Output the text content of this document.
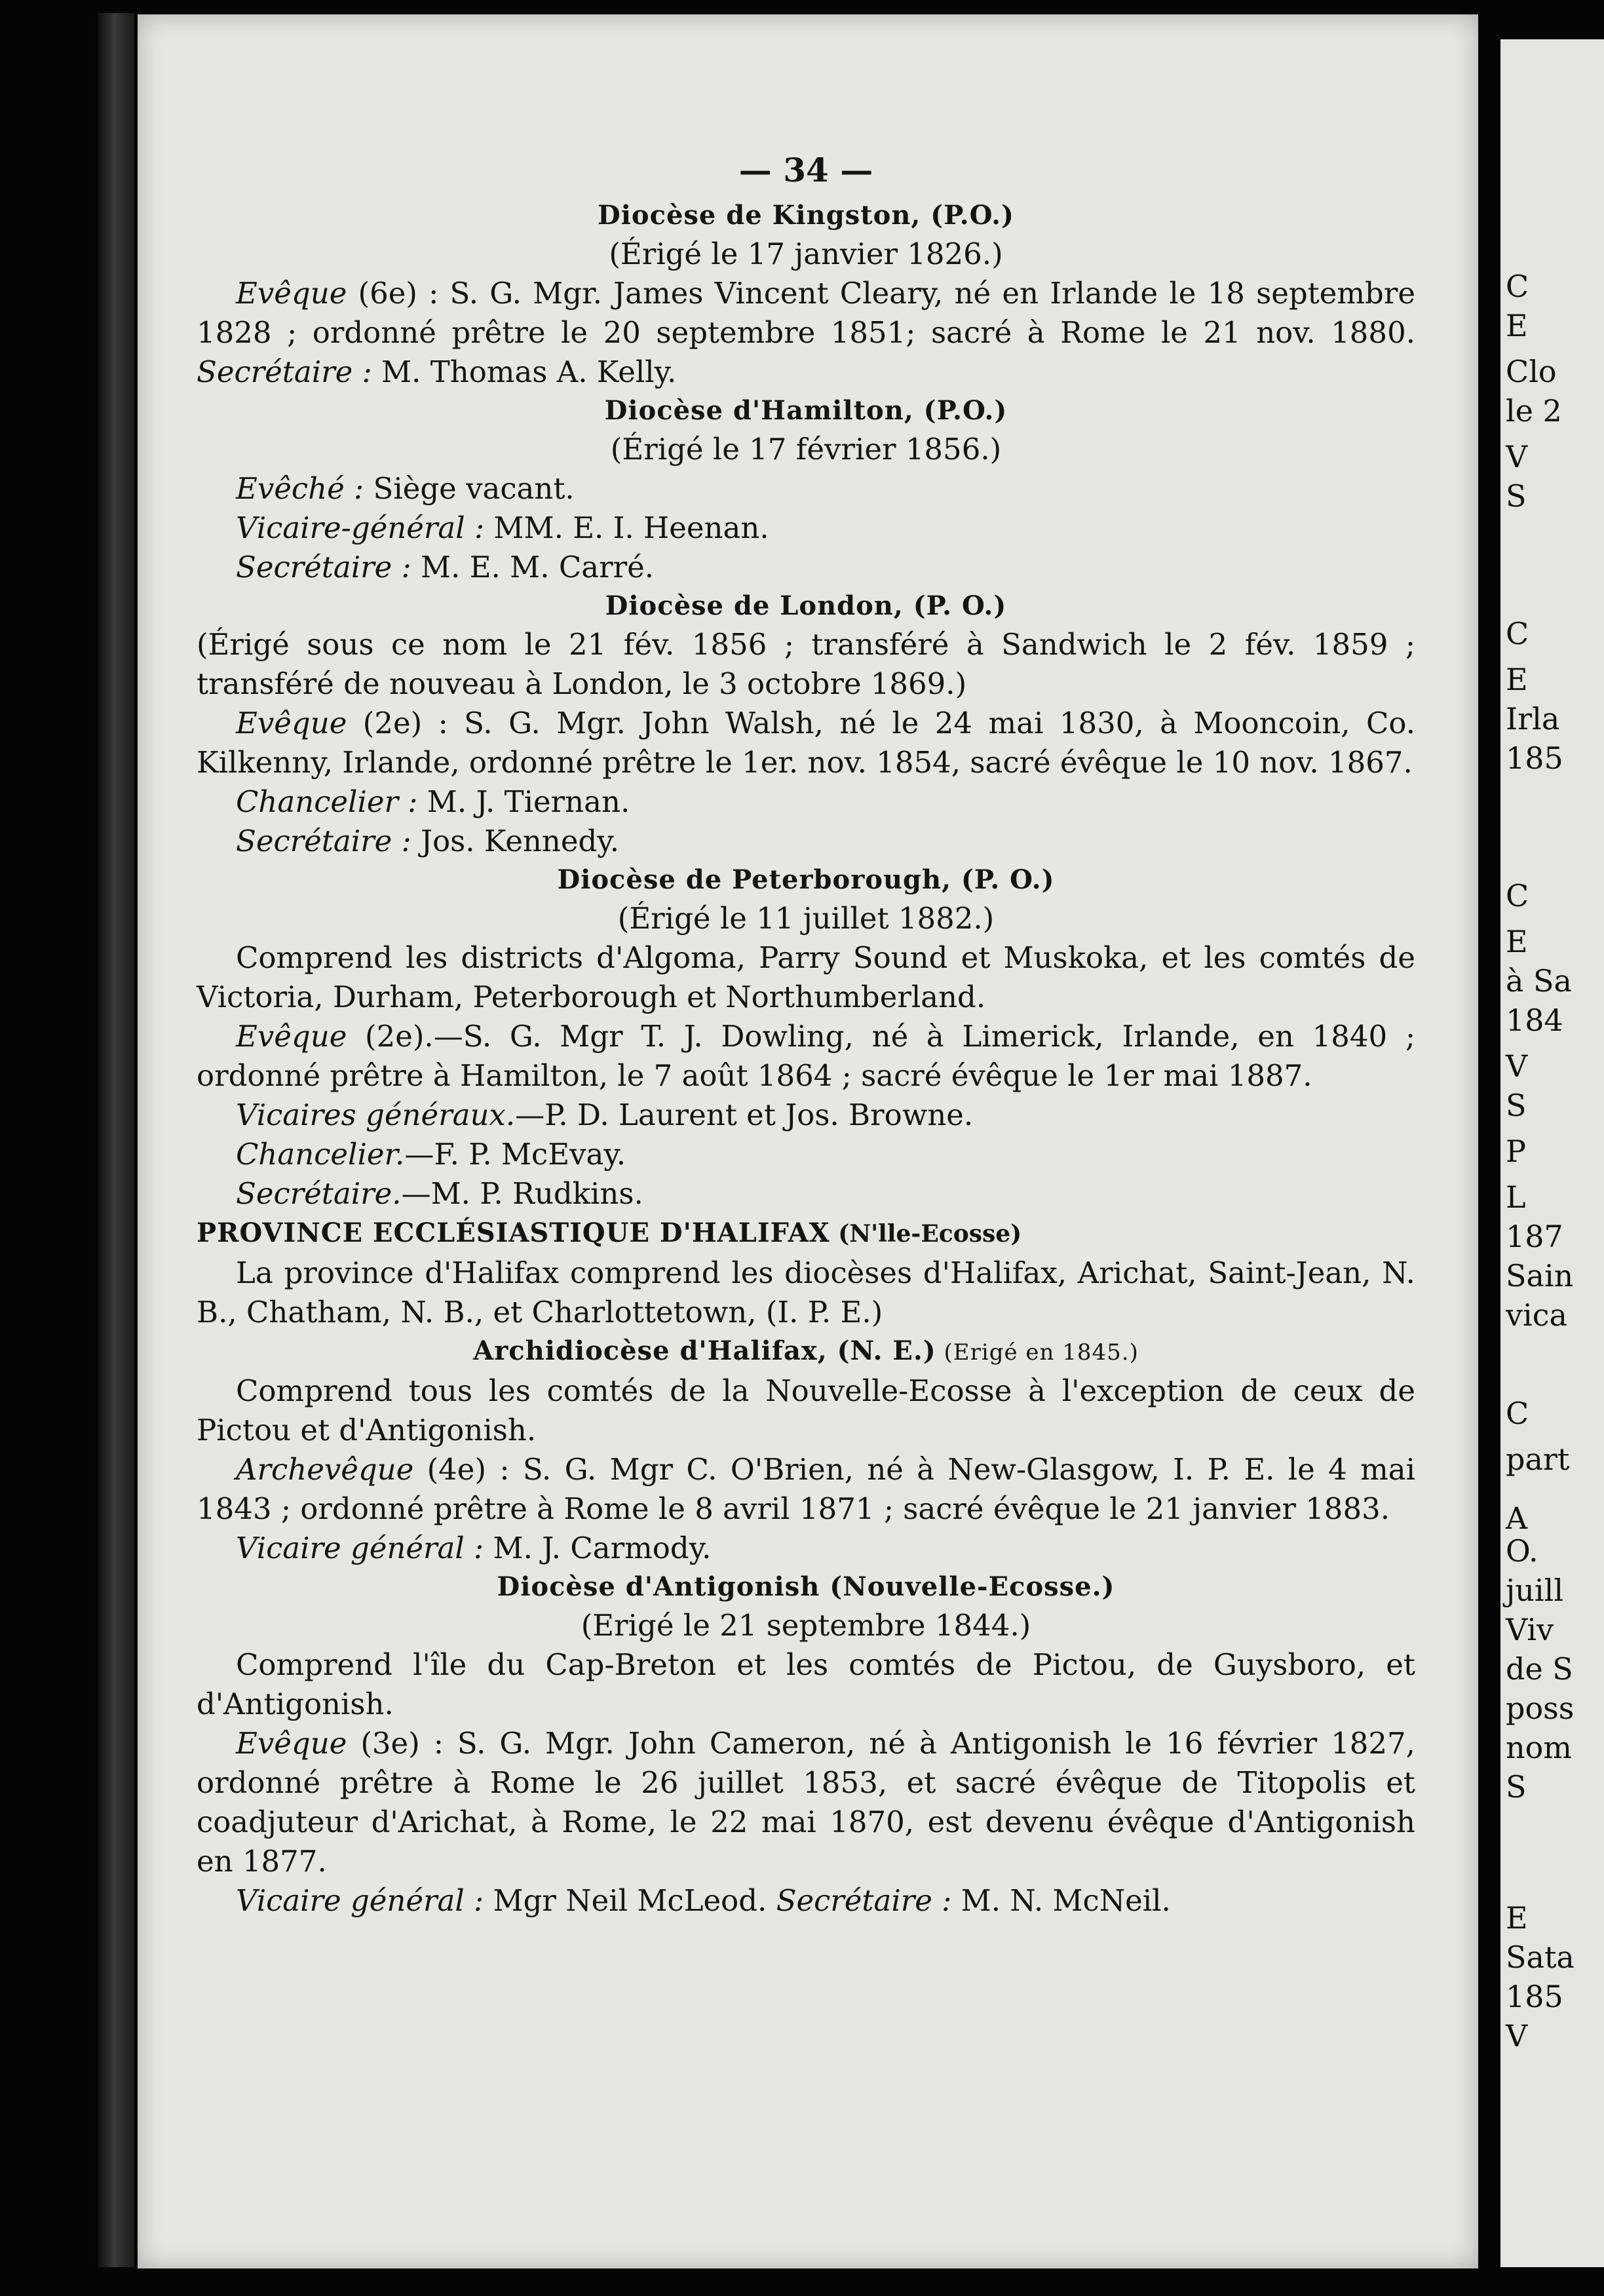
C
E
Clo
le 2
V
S
C
E
Irla
185
C
E
à Sa
184
V
S
P
L
187
Sain
vica
C
part
A
O.
juill
Viv
de S
poss
nom
S
E
Sata
185
V
— 34 —
Diocèse de Kingston, (P.O.)
(Érigé le 17 janvier 1826.)

Evêque (6e) : S. G. Mgr. James Vincent Cleary, né en Irlande le 18 septembre 1828 ; ordonné prêtre le 20 septembre 1851; sacré à Rome le 21 nov. 1880. Secrétaire : M. Thomas A. Kelly.

Diocèse d'Hamilton, (P.O.)
(Érigé le 17 février 1856.)

Evêché : Siège vacant.

Vicaire-général : MM. E. I. Heenan.

Secrétaire : M. E. M. Carré.

Diocèse de London, (P. O.)

(Érigé sous ce nom le 21 fév. 1856 ; transféré à Sandwich le 2 fév. 1859 ; transféré de nouveau à London, le 3 octobre 1869.)

Evêque (2e) : S. G. Mgr. John Walsh, né le 24 mai 1830, à Mooncoin, Co. Kilkenny, Irlande, ordonné prêtre le 1er. nov. 1854, sacré évêque le 10 nov. 1867.

Chancelier : M. J. Tiernan.

Secrétaire : Jos. Kennedy.

Diocèse de Peterborough, (P. O.)
(Érigé le 11 juillet 1882.)

Comprend les districts d'Algoma, Parry Sound et Muskoka, et les comtés de Victoria, Durham, Peterborough et Northumberland.

Evêque (2e).—S. G. Mgr T. J. Dowling, né à Limerick, Irlande, en 1840 ; ordonné prêtre à Hamilton, le 7 août 1864 ; sacré évêque le 1er mai 1887.

Vicaires généraux.—P. D. Laurent et Jos. Browne.

Chancelier.—F. P. McEvay.

Secrétaire.—M. P. Rudkins.

PROVINCE ECCLÉSIASTIQUE D'HALIFAX (N'lle-Ecosse)

La province d'Halifax comprend les diocèses d'Halifax, Arichat, Saint-Jean, N. B., Chatham, N. B., et Charlottetown, (I. P. E.)

Archidiocèse d'Halifax, (N. E.) (Erigé en 1845.)

Comprend tous les comtés de la Nouvelle-Ecosse à l'exception de ceux de Pictou et d'Antigonish.

Archevêque (4e) : S. G. Mgr C. O'Brien, né à New-Glasgow, I. P. E. le 4 mai 1843 ; ordonné prêtre à Rome le 8 avril 1871 ; sacré évêque le 21 janvier 1883.

Vicaire général : M. J. Carmody.

Diocèse d'Antigonish (Nouvelle-Ecosse.)
(Erigé le 21 septembre 1844.)

Comprend l'île du Cap-Breton et les comtés de Pictou, de Guysboro, et d'Antigonish.

Evêque (3e) : S. G. Mgr. John Cameron, né à Antigonish le 16 février 1827, ordonné prêtre à Rome le 26 juillet 1853, et sacré évêque de Titopolis et coadjuteur d'Arichat, à Rome, le 22 mai 1870, est devenu évêque d'Antigonish en 1877.

Vicaire général : Mgr Neil McLeod. Secrétaire : M. N. McNeil.
